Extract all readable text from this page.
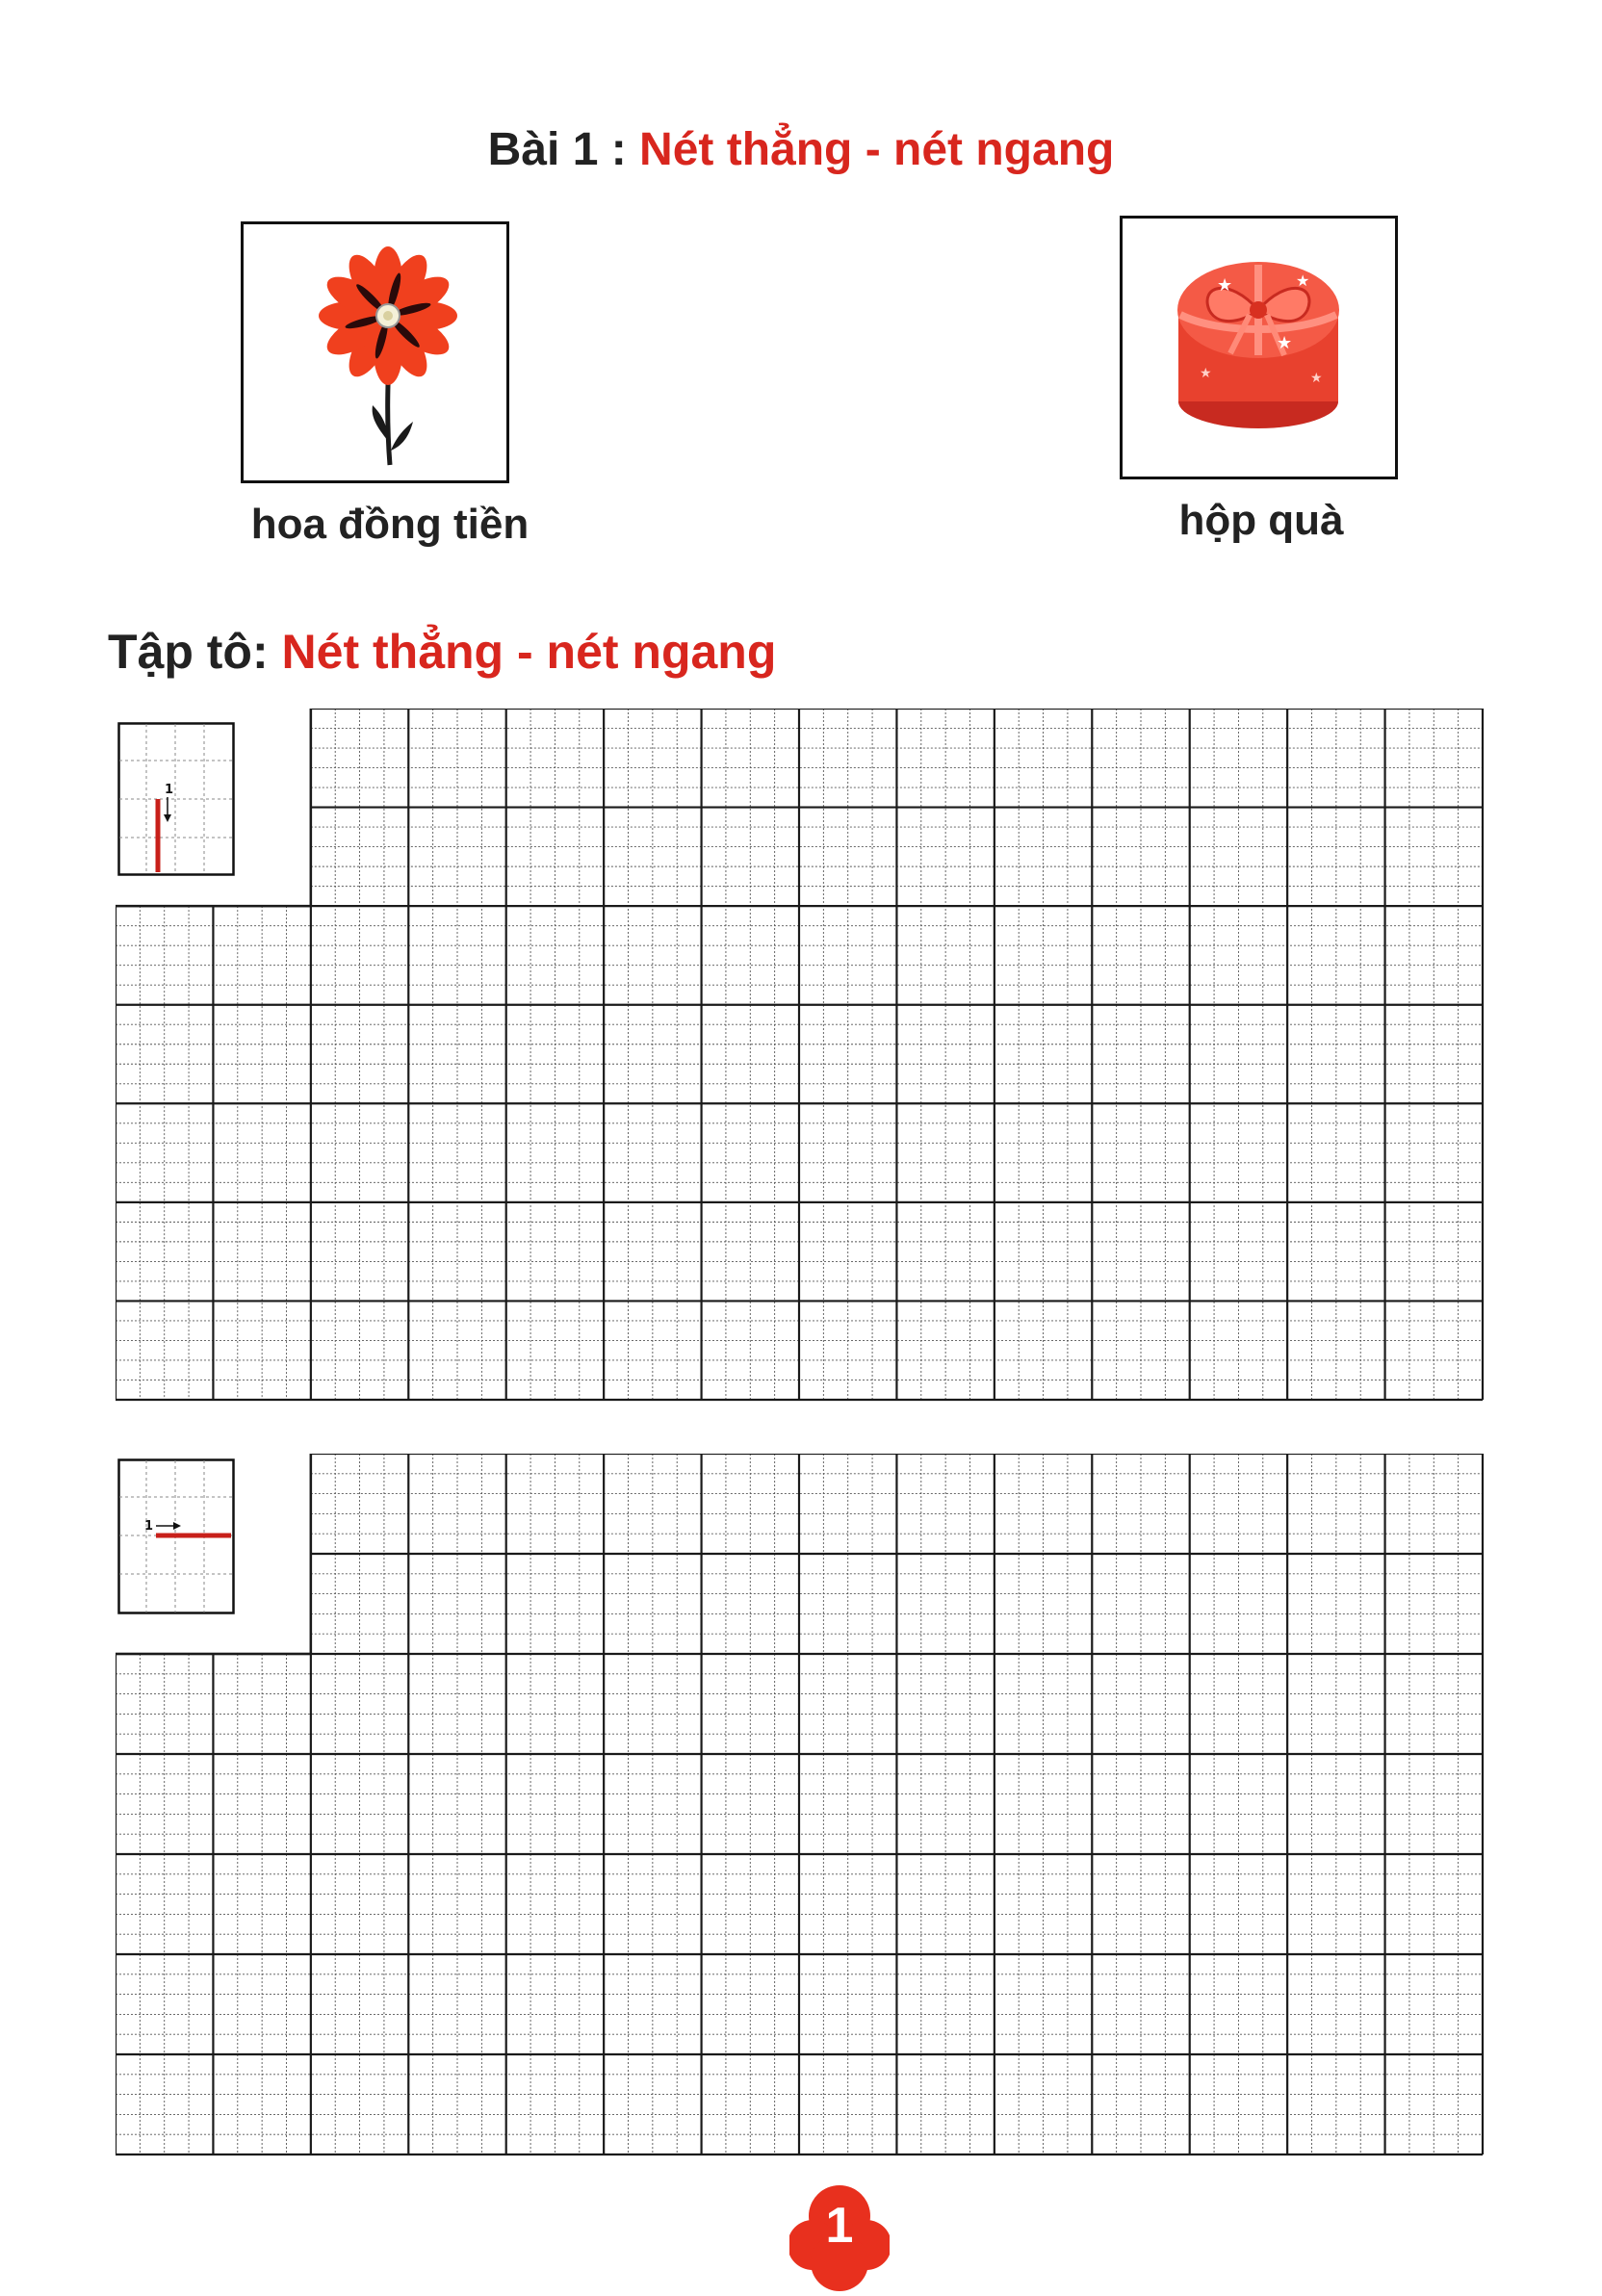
Bài 1 : Nét thẳng - nét ngang
★	★
★
★	★
hoa đồng tiền	hộp quà
Tập tô: Nét thẳng - nét ngang
1
1
1
